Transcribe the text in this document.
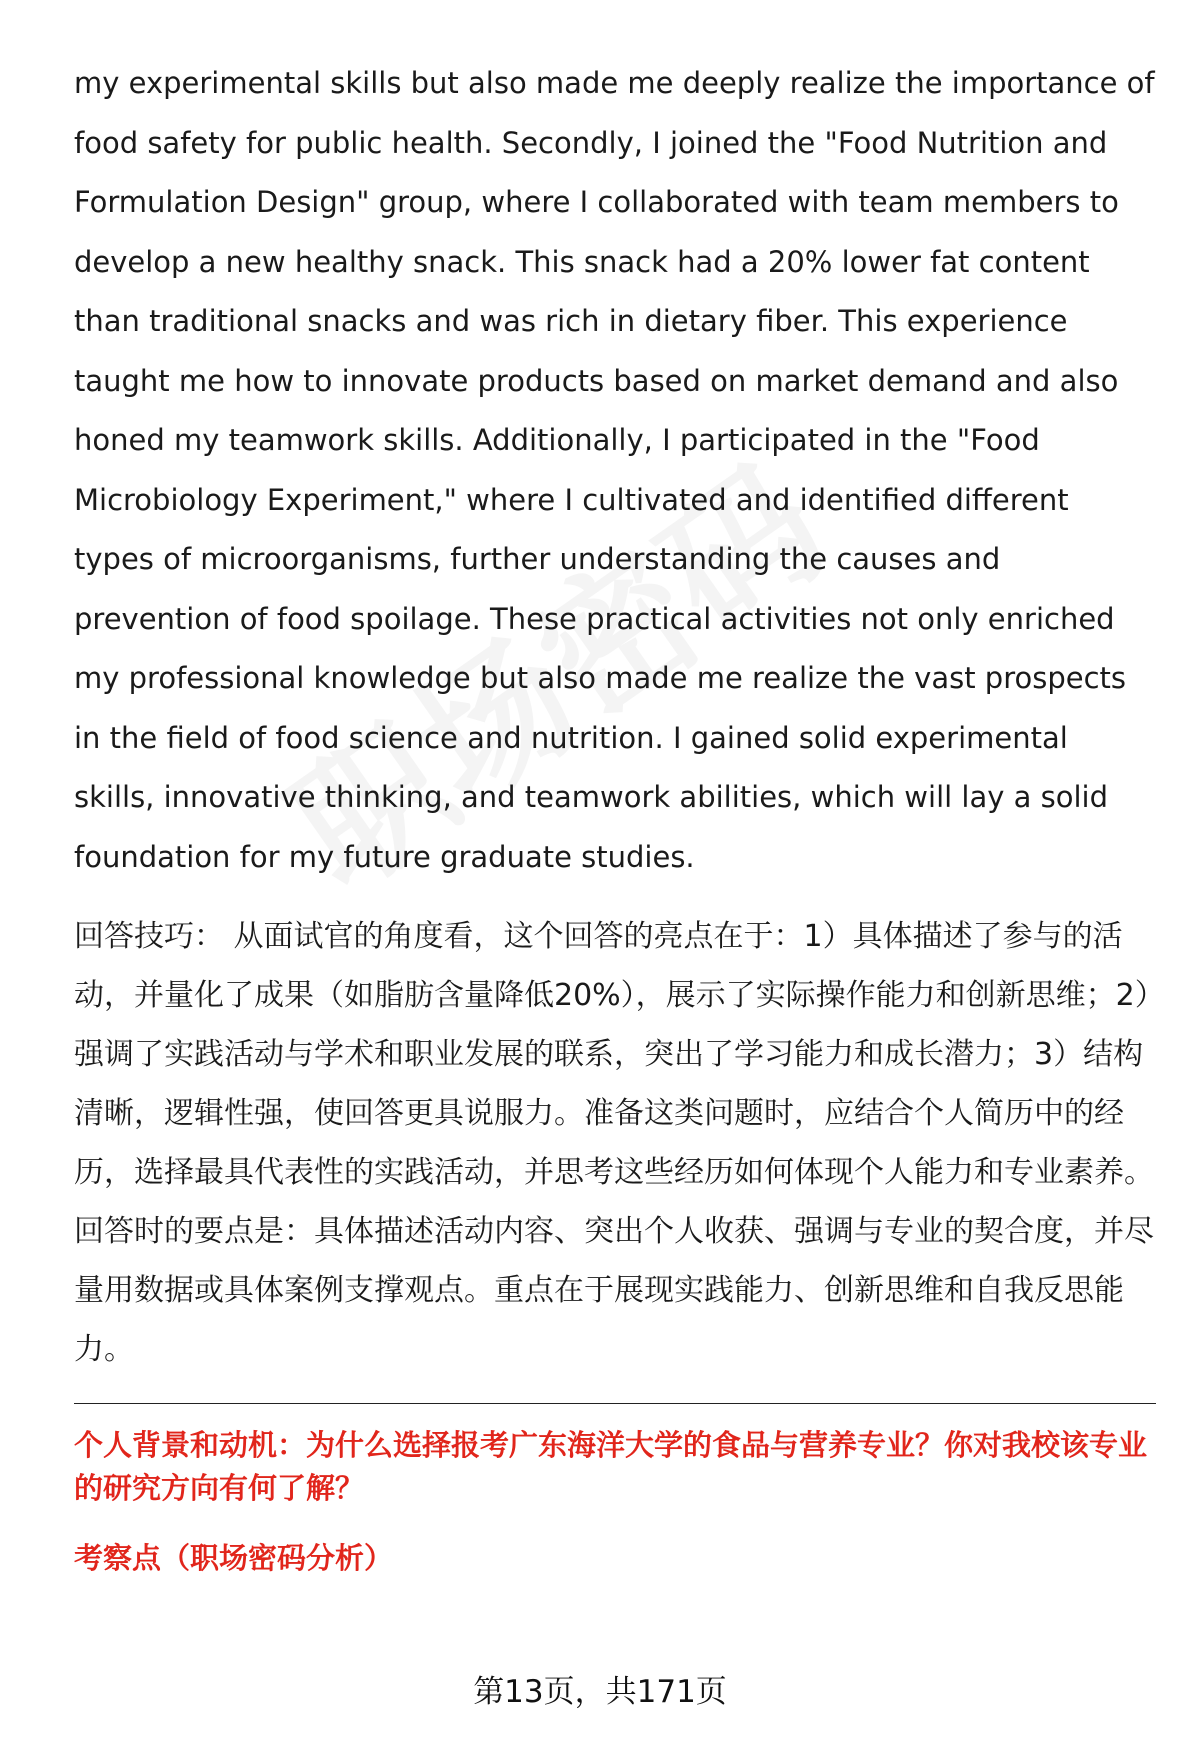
my experimental skills but also made me deeply realize the importance of food safety for public health. Secondly, I joined the "Food Nutrition and Formulation Design" group, where I collaborated with team members to develop a new healthy snack. This snack had a 20% lower fat content than traditional snacks and was rich in dietary fiber. This experience taught me how to innovate products based on market demand and also honed my teamwork skills. Additionally, I participated in the "Food Microbiology Experiment," where I cultivated and identified different types of microorganisms, further understanding the causes and prevention of food spoilage. These practical activities not only enriched my professional knowledge but also made me realize the vast prospects in the field of food science and nutrition. I gained solid experimental skills, innovative thinking, and teamwork abilities, which will lay a solid foundation for my future graduate studies.

回答技巧： 从面试官的角度看，这个回答的亮点在于：1）具体描述了参与的活动，并量化了成果（如脂肪含量降低20%），展示了实际操作能力和创新思维；2）强调了实践活动与学术和职业发展的联系，突出了学习能力和成长潜力；3）结构清晰，逻辑性强，使回答更具说服力。准备这类问题时，应结合个人简历中的经历，选择最具代表性的实践活动，并思考这些经历如何体现个人能力和专业素养。回答时的要点是：具体描述活动内容、突出个人收获、强调与专业的契合度，并尽量用数据或具体案例支撑观点。重点在于展现实践能力、创新思维和自我反思能力。
个人背景和动机：为什么选择报考广东海洋大学的食品与营养专业？你对我校该专业的研究方向有何了解？
考察点（职场密码分析）
第13页，共171页
